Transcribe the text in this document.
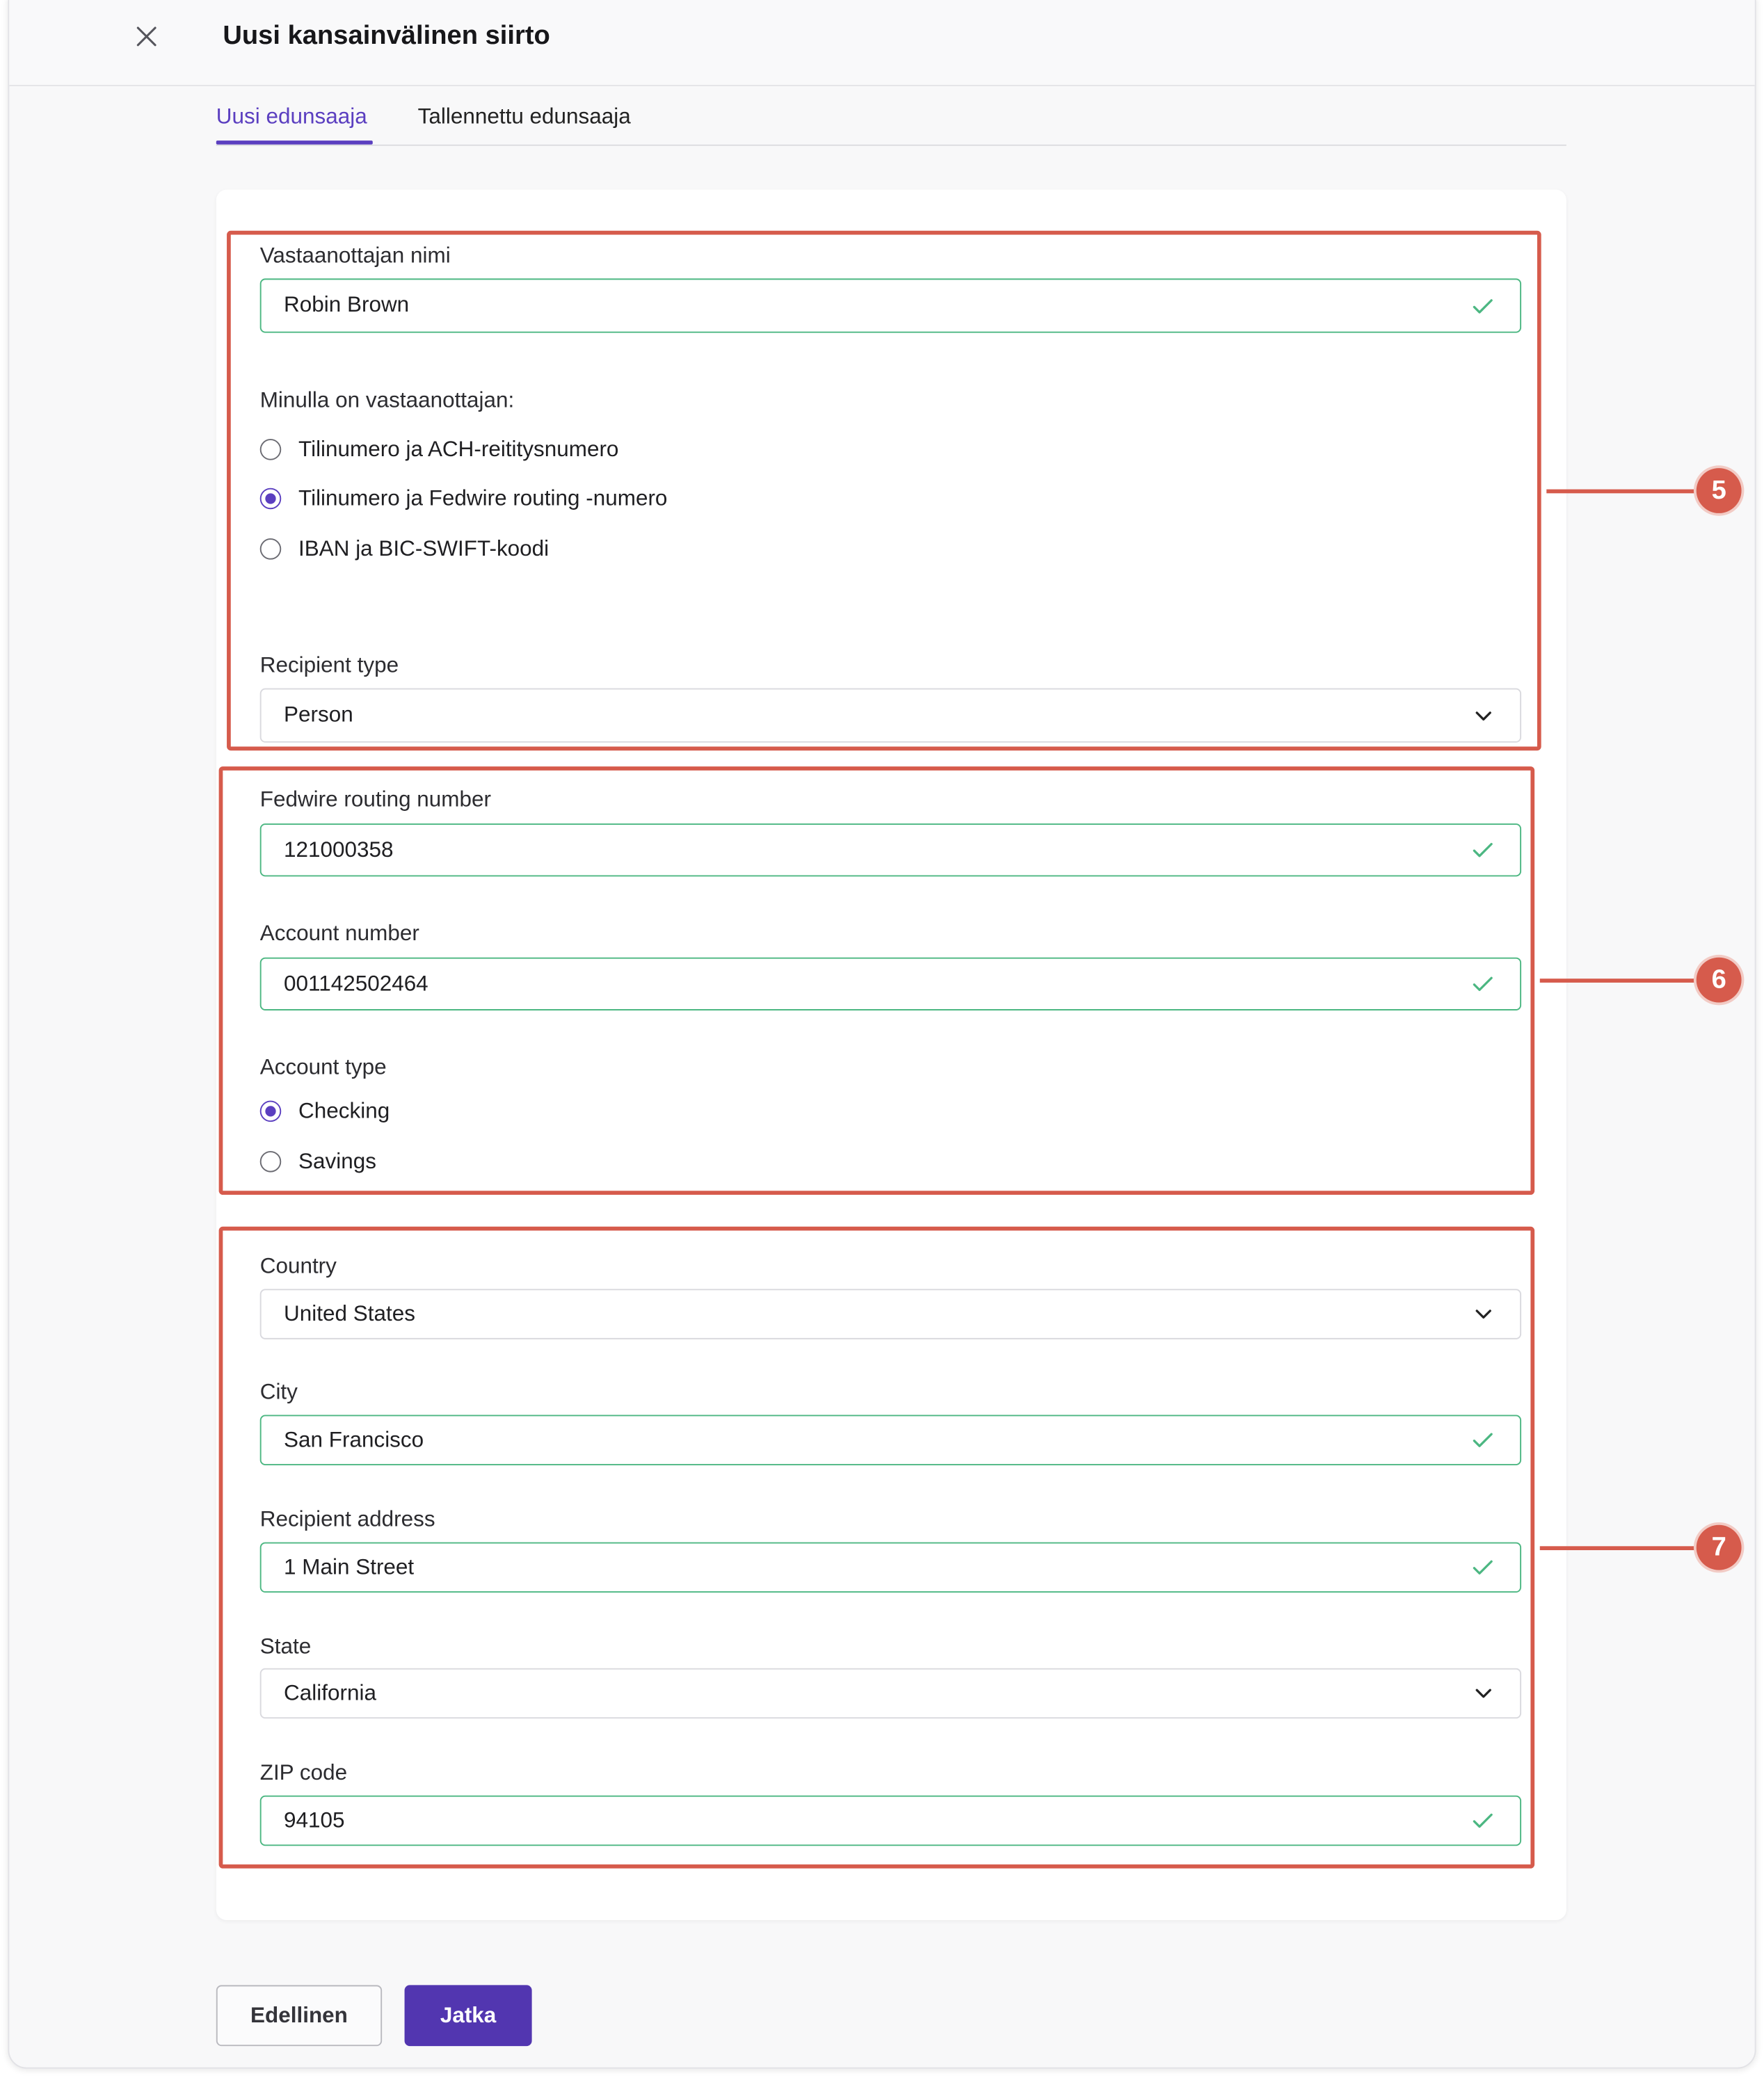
Uusi kansainvälinen siirto
Uusi edunsaaja	Tallennettu edunsaaja
Vastaanottajan nimi
Robin Brown
Minulla on vastaanottajan:
Tilinumero ja ACH-reititysnumero
Tilinumero ja Fedwire routing -numero
IBAN ja BIC-SWIFT-koodi
Recipient type
Person
Fedwire routing number
121000358
Account number
001142502464
Account type
Checking
Savings
Country
United States
City
San Francisco
Recipient address
1 Main Street
State
California
ZIP code
94105
5
6
7
Edellinen	Jatka
